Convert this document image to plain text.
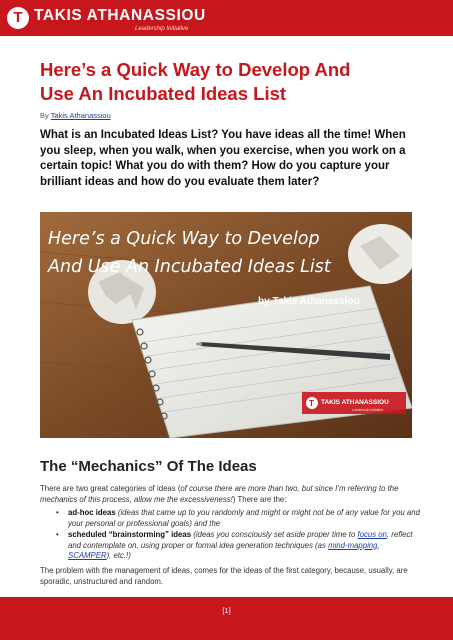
T TAKIS ATHANASSIOU
Leadership Initiative
Here’s a Quick Way to Develop And
Use An Incubated Ideas List
By Takis Athanassiou

What is an Incubated Ideas List? You have ideas all the time! When you sleep, when you walk, when you exercise, when you work on a certain topic! What you do with them? How do you capture your brilliant ideas and how do you evaluate them later?

Here’s a Quick Way to Develop
And Use An Incubated Ideas List
by Takis Athanassiou
T TAKIS ATHANASSIOU
Leadership Initiative
The “Mechanics” Of The Ideas

There are two great categories of ideas (of course there are more than two, but since I’m referring to the mechanics of this process, allow me the excessiveness!) There are the:

• ad-hoc ideas (ideas that came up to you randomly and might or might not be of any value for you and your personal or professional goals) and the
• scheduled “brainstorming” ideas (ideas you consciously set aside proper time to focus on, reflect and contemplate on, using proper or formal idea generation techniques (as mind-mapping, SCAMPER), etc.!)

The problem with the management of ideas, comes for the ideas of the first category, because, usually, are sporadic, unstructured and random.

[1]
